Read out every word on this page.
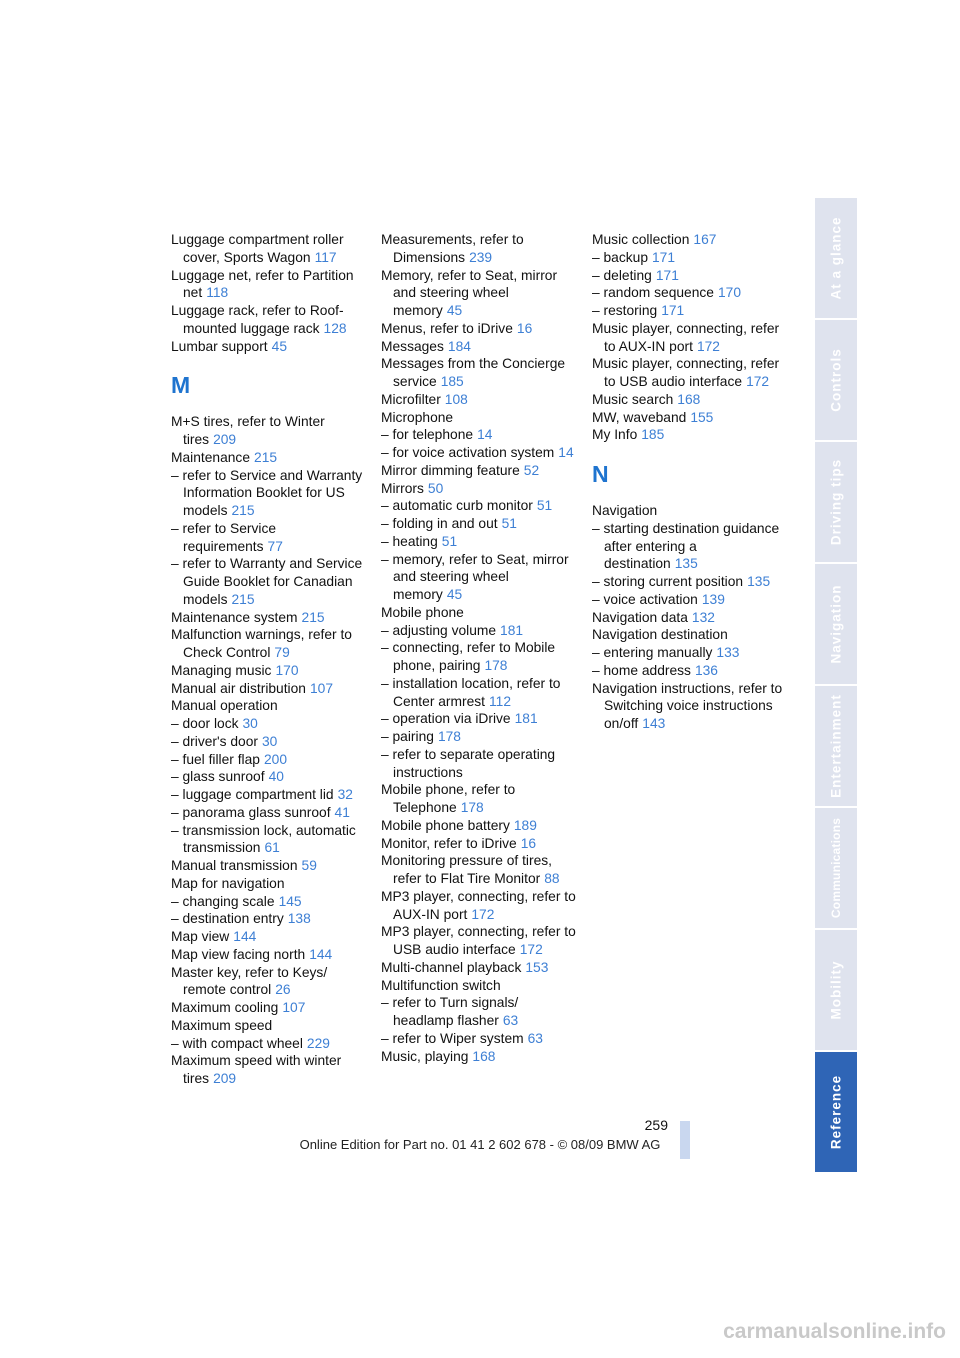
Luggage compartment roller cover, Sports Wagon 117
Luggage net, refer to Partition net 118
Luggage rack, refer to Roof-mounted luggage rack 128
Lumbar support 45
M
M+S tires, refer to Winter tires 209
Maintenance 215
– refer to Service and Warranty Information Booklet for US models 215
– refer to Service requirements 77
– refer to Warranty and Service Guide Booklet for Canadian models 215
Maintenance system 215
Malfunction warnings, refer to Check Control 79
Managing music 170
Manual air distribution 107
Manual operation
– door lock 30
– driver's door 30
– fuel filler flap 200
– glass sunroof 40
– luggage compartment lid 32
– panorama glass sunroof 41
– transmission lock, automatic transmission 61
Manual transmission 59
Map for navigation
– changing scale 145
– destination entry 138
Map view 144
Map view facing north 144
Master key, refer to Keys/ remote control 26
Maximum cooling 107
Maximum speed
– with compact wheel 229
Maximum speed with winter tires 209
Measurements, refer to Dimensions 239
Memory, refer to Seat, mirror and steering wheel memory 45
Menus, refer to iDrive 16
Messages 184
Messages from the Concierge service 185
Microfilter 108
Microphone
– for telephone 14
– for voice activation system 14
Mirror dimming feature 52
Mirrors 50
– automatic curb monitor 51
– folding in and out 51
– heating 51
– memory, refer to Seat, mirror and steering wheel memory 45
Mobile phone
– adjusting volume 181
– connecting, refer to Mobile phone, pairing 178
– installation location, refer to Center armrest 112
– operation via iDrive 181
– pairing 178
– refer to separate operating instructions
Mobile phone, refer to Telephone 178
Mobile phone battery 189
Monitor, refer to iDrive 16
Monitoring pressure of tires, refer to Flat Tire Monitor 88
MP3 player, connecting, refer to AUX-IN port 172
MP3 player, connecting, refer to USB audio interface 172
Multi-channel playback 153
Multifunction switch
– refer to Turn signals/ headlamp flasher 63
– refer to Wiper system 63
Music, playing 168
Music collection 167
– backup 171
– deleting 171
– random sequence 170
– restoring 171
Music player, connecting, refer to AUX-IN port 172
Music player, connecting, refer to USB audio interface 172
Music search 168
MW, waveband 155
My Info 185
N
Navigation
– starting destination guidance after entering a destination 135
– storing current position 135
– voice activation 139
Navigation data 132
Navigation destination
– entering manually 133
– home address 136
Navigation instructions, refer to Switching voice instructions on/off 143
At a glance
Controls
Driving tips
Navigation
Entertainment
Communications
Mobility
Reference
259
Online Edition for Part no. 01 41 2 602 678 - © 08/09 BMW AG
carmanualsonline.info
